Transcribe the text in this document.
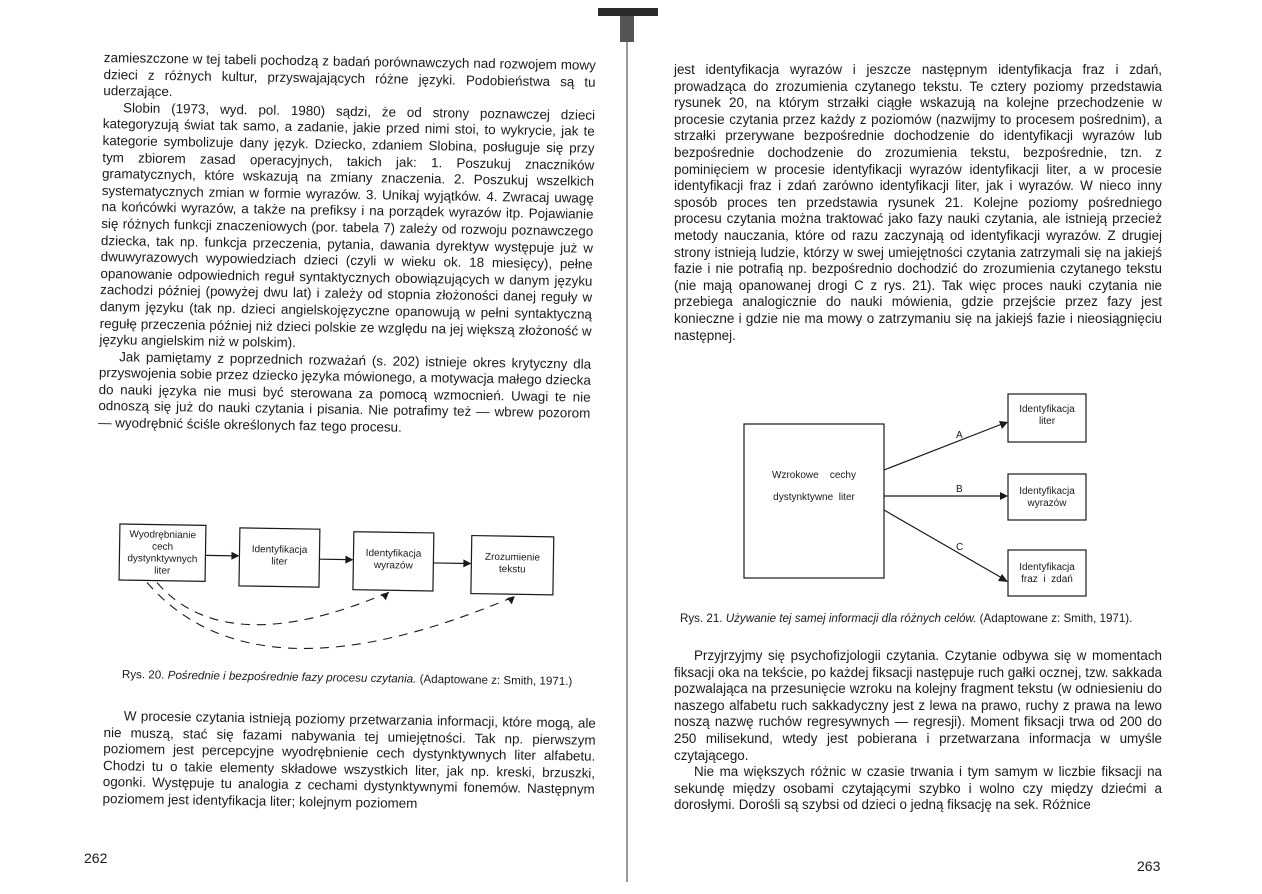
zamieszczone w tej tabeli pochodzą z badań porównawczych nad rozwojem mowy dzieci z różnych kultur, przyswajających różne języki. Podobieństwa są tu uderzające.

Slobin (1973, wyd. pol. 1980) sądzi, że od strony poznawczej dzieci kategoryzują świat tak samo, a zadanie, jakie przed nimi stoi, to wykrycie, jak te kategorie symbolizuje dany język. Dziecko, zdaniem Slobina, posługuje się przy tym zbiorem zasad operacyjnych, takich jak: 1. Poszukuj znaczników gramatycznych, które wskazują na zmiany znaczenia. 2. Poszukuj wszelkich systematycznych zmian w formie wyrazów. 3. Unikaj wyjątków. 4. Zwracaj uwagę na końcówki wyrazów, a także na prefiksy i na porządek wyrazów itp. Pojawianie się różnych funkcji znaczeniowych (por. tabela 7) zależy od rozwoju poznawczego dziecka, tak np. funkcja przeczenia, pytania, dawania dyrektyw występuje już w dwuwyrazowych wypowiedziach dzieci (czyli w wieku ok. 18 miesięcy), pełne opanowanie odpowiednich reguł syntaktycznych obowiązujących w danym języku zachodzi później (powyżej dwu lat) i zależy od stopnia złożoności danej reguły w danym języku (tak np. dzieci angielskojęzyczne opanowują w pełni syntaktyczną regułę przeczenia później niż dzieci polskie ze względu na jej większą złożoność w języku angielskim niż w polskim).

Jak pamiętamy z poprzednich rozważań (s. 202) istnieje okres krytyczny dla przyswojenia sobie przez dziecko języka mówionego, a motywacja małego dziecka do nauki języka nie musi być sterowana za pomocą wzmocnień. Uwagi te nie odnoszą się już do nauki czytania i pisania. Nie potrafimy też — wbrew pozorom — wyodrębnić ściśle określonych faz tego procesu.

Wyodrębnianie
cech
dystynktywnych
liter
Identyfikacja
liter
Identyfikacja
wyrazów
Zrozumienie
tekstu
Rys. 20. Pośrednie i bezpośrednie fazy procesu czytania. (Adaptowane z: Smith, 1971.)

W procesie czytania istnieją poziomy przetwarzania informacji, które mogą, ale nie muszą, stać się fazami nabywania tej umiejętności. Tak np. pierwszym poziomem jest percepcyjne wyodrębnienie cech dystynktywnych liter alfabetu. Chodzi tu o takie elementy składowe wszystkich liter, jak np. kreski, brzuszki, ogonki. Występuje tu analogia z cechami dystynktywnymi fonemów. Następnym poziomem jest identyfikacja liter; kolejnym poziomem

262

jest identyfikacja wyrazów i jeszcze następnym identyfikacja fraz i zdań, prowadząca do zrozumienia czytanego tekstu. Te cztery poziomy przedstawia rysunek 20, na którym strzałki ciągłe wskazują na kolejne przechodzenie w procesie czytania przez każdy z poziomów (nazwijmy to procesem pośrednim), a strzałki przerywane bezpośrednie dochodzenie do identyfikacji wyrazów lub bezpośrednie dochodzenie do zrozumienia tekstu, bezpośrednie, tzn. z pominięciem w procesie identyfikacji wyrazów identyfikacji liter, a w procesie identyfikacji fraz i zdań zarówno identyfikacji liter, jak i wyrazów. W nieco inny sposób proces ten przedstawia rysunek 21. Kolejne poziomy pośredniego procesu czytania można traktować jako fazy nauki czytania, ale istnieją przecież metody nauczania, które od razu zaczynają od identyfikacji wyrazów. Z drugiej strony istnieją ludzie, którzy w swej umiejętności czytania zatrzymali się na jakiejś fazie i nie potrafią np. bezpośrednio dochodzić do zrozumienia czytanego tekstu (nie mają opanowanej drogi C z rys. 21). Tak więc proces nauki czytania nie przebiega analogicznie do nauki mówienia, gdzie przejście przez fazy jest konieczne i gdzie nie ma mowy o zatrzymaniu się na jakiejś fazie i nieosiągnięciu następnej.

Wzrokowe    cechy
dystynktywne  liter
Identyfikacja
liter
Identyfikacja
wyrazów
Identyfikacja
fraz  i  zdań
A
B
C
Rys. 21. Używanie tej samej informacji dla różnych celów. (Adaptowane z: Smith, 1971).

Przyjrzyjmy się psychofizjologii czytania. Czytanie odbywa się w momentach fiksacji oka na tekście, po każdej fiksacji następuje ruch gałki ocznej, tzw. sakkada pozwalająca na przesunięcie wzroku na kolejny fragment tekstu (w odniesieniu do naszego alfabetu ruch sakkadyczny jest z lewa na prawo, ruchy z prawa na lewo noszą nazwę ruchów regresywnych — regresji). Moment fiksacji trwa od 200 do 250 milisekund, wtedy jest pobierana i przetwarzana informacja w umyśle czytającego.

Nie ma większych różnic w czasie trwania i tym samym w liczbie fiksacji na sekundę między osobami czytającymi szybko i wolno czy między dziećmi a dorosłymi. Dorośli są szybsi od dzieci o jedną fiksację na sek. Różnice

263
